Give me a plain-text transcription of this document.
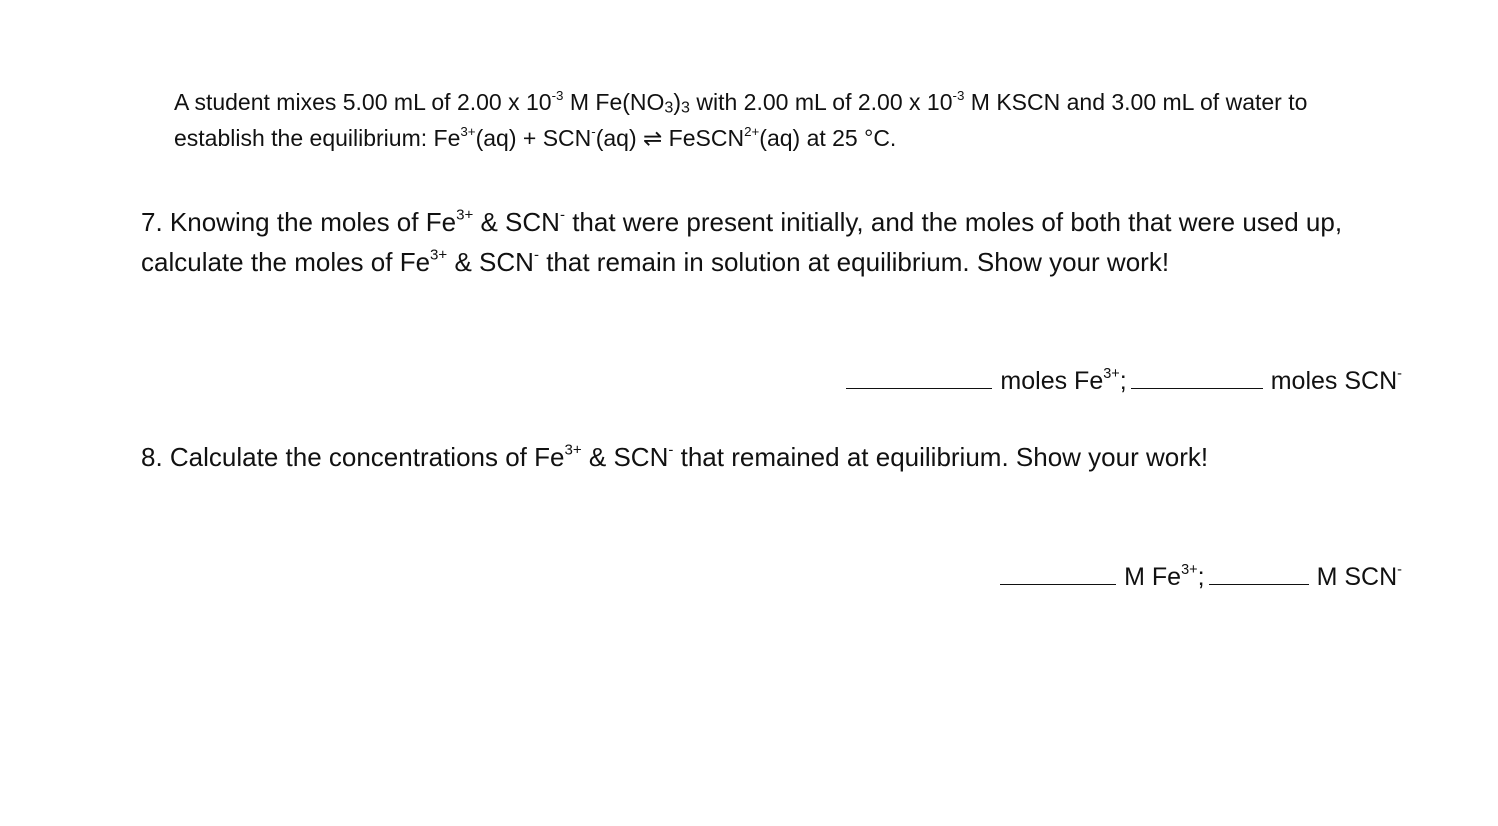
A student mixes 5.00 mL of 2.00 x $10^{-3}$ M $Fe(NO_3)_3$ with 2.00 mL of 2.00 x $10^{-3}$ M KSCN and 3.00 mL of water to establish the equilibrium: $Fe^{3+}(aq) + SCN^-(aq)$ ⇌ FeSCN$^{2+}$(aq) at 25 °C.
7. Knowing the moles of $Fe^{3+}$ & SCN- that were present initially, and the moles of both that were used up, calculate the moles of $Fe^{3+}$ & SCN- that remain in solution at equilibrium. Show your work!
moles $Fe^{3+}$;	moles SCN-
8. Calculate the concentrations of $Fe^{3+}$ & SCN- that remained at equilibrium. Show your work!
M $Fe^{3+}$;	M SCN-
